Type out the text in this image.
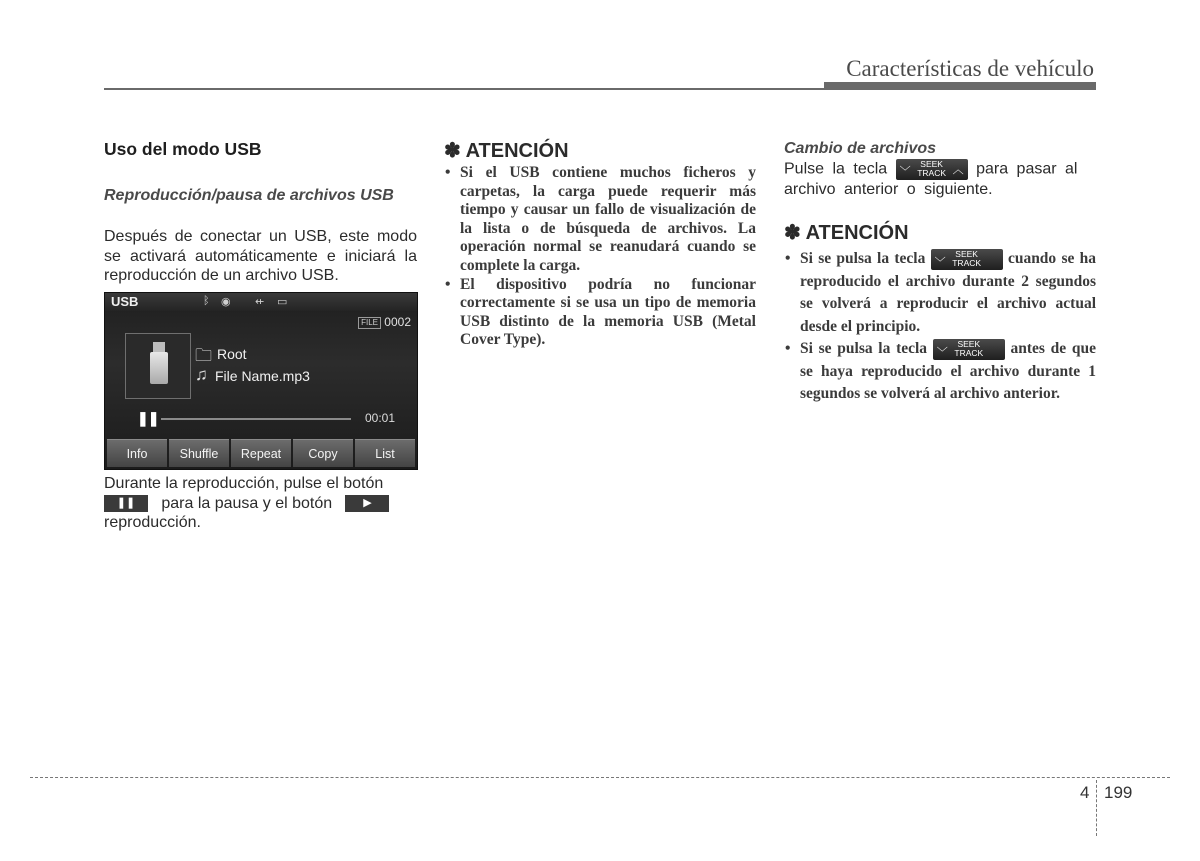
Características de vehículo
Uso del modo USB
Reproducción/pausa de archivos USB
Después de conectar un USB, este modo se activará automáticamente e iniciará la reproducción de un archivo USB.
USB	ᛒ ◉ ⇷ ▭
FILE 0002
🗀 Root
♫ File Name.mp3
❚❚	00:01
Info	Shuffle	Repeat	Copy	List
Durante la reproducción, pulse el botón
❚❚ para la pausa y el botón	▶
reproducción.
✽ ATENCIÓN
• Si el USB contiene muchos ficheros y carpetas, la carga puede requerir más tiempo y causar un fallo de visualización de la lista o de búsqueda de archivos. La operación normal se reanudará cuando se complete la carga.
• El dispositivo podría no funcionar correctamente si se usa un tipo de memoria USB distinto de la memoria USB (Metal Cover Type).
Cambio de archivos
Pulse la tecla ﹀
SEEK
TRACK ︿ para pasar al archivo anterior o siguiente.
✽ ATENCIÓN
• Si se pulsa la tecla ﹀
SEEK
TRACK	cuando se ha reproducido el archivo durante 2 segundos se volverá a reproducir el archivo actual desde el principio.
• Si se pulsa la tecla ﹀
SEEK
TRACK	antes de que se haya reproducido el archivo durante 1 segundos se volverá al archivo anterior.
4 199
